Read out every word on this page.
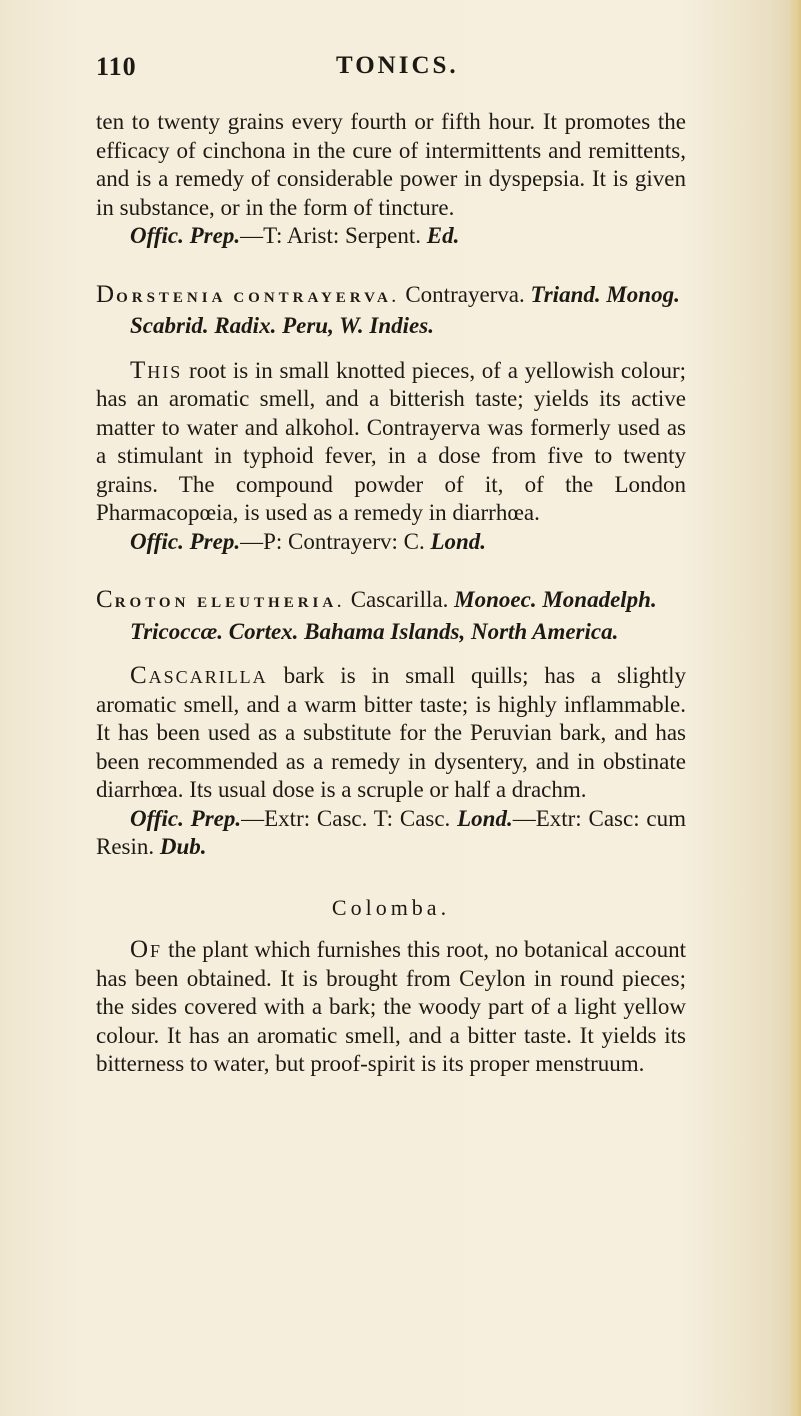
110	TONICS.

ten to twenty grains every fourth or fifth hour. It promotes the efficacy of cinchona in the cure of intermittents and remittents, and is a remedy of considerable power in dyspepsia. It is given in substance, or in the form of tincture.

Offic. Prep.—T: Arist: Serpent. Ed.

DORSTENIA CONTRAYERVA. Contrayerva. Triand. Monog. Scabrid. Radix. Peru, W. Indies.

This root is in small knotted pieces, of a yellowish colour; has an aromatic smell, and a bitterish taste; yields its active matter to water and alkohol. Contrayerva was formerly used as a stimulant in typhoid fever, in a dose from five to twenty grains. The compound powder of it, of the London Pharmacopœia, is used as a remedy in diarrhœa.

Offic. Prep.—P: Contrayerv: C. Lond.

CROTON ELEUTHERIA. Cascarilla. Monoec. Monadelph. Tricoccæ. Cortex. Bahama Islands, North America.

Cascarilla bark is in small quills; has a slightly aromatic smell, and a warm bitter taste; is highly inflammable. It has been used as a substitute for the Peruvian bark, and has been recommended as a remedy in dysentery, and in obstinate diarrhœa. Its usual dose is a scruple or half a drachm.

Offic. Prep.—Extr: Casc. T: Casc. Lond.—Extr: Casc: cum Resin. Dub.

Colomba.

Of the plant which furnishes this root, no botanical account has been obtained. It is brought from Ceylon in round pieces; the sides covered with a bark; the woody part of a light yellow colour. It has an aromatic smell, and a bitter taste. It yields its bitterness to water, but proof-spirit is its proper menstruum.
